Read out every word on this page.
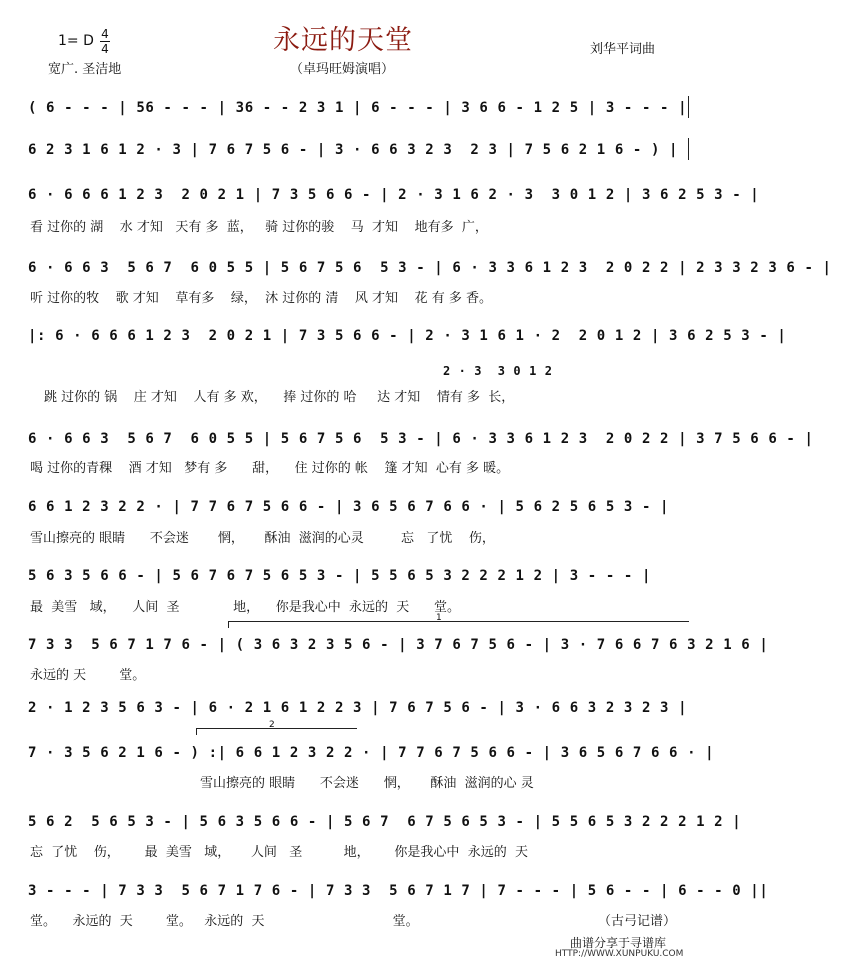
永远的天堂
1= D 4
4
宽广. 圣洁地	（卓玛旺姆演唱）
刘华平词曲
( 6 - - - | 56 - - - | 36 - - 2 3 1 | 6 - - - | 3 6 6 - 1 2 5 | 3 - - - |
6 2 3 1 6 1 2 · 3 | 7 6 7 5 6 - | 3 · 6 6 3 2 3  2 3 | 7 5 6 2 1 6 - ) |
6 · 6 6 6 1 2 3  2 0 2 1 | 7 3 5 6 6 - | 2 · 3 1 6 2 · 3  3 0 1 2 | 3 6 2 5 3 - |
看 过你的 湖    水 才知   天有 多  蓝，   骑 过你的骏    马  才知    地有多  广，
6 · 6 6 3  5 6 7  6 0 5 5 | 5 6 7 5 6  5 3 - | 6 · 3 3 6 1 2 3  2 0 2 2 | 2 3 3 2 3 6 - |
听 过你的牧    歌 才知    草有多    绿，  沐 过你的 清    风 才知    花 有 多 香。
|: 6 · 6 6 6 1 2 3  2 0 2 1 | 7 3 5 6 6 - | 2 · 3 1 6 1 · 2  2 0 1 2 | 3 6 2 5 3 - |
2 · 3  3 0 1 2
跳 过你的 锅    庄 才知    人有 多 欢，    捧 过你的 哈     达 才知    情有 多  长，
6 · 6 6 3  5 6 7  6 0 5 5 | 5 6 7 5 6  5 3 - | 6 · 3 3 6 1 2 3  2 0 2 2 | 3 7 5 6 6 - |
喝 过你的青稞    酒 才知   梦有 多      甜，    住 过你的 帐    篷 才知  心有 多 暖。
6 6 1 2 3 2 2 · | 7 7 6 7 5 6 6 - | 3 6 5 6 7 6 6 · | 5 6 2 5 6 5 3 - |
雪山擦亮的 眼睛      不会迷       惘，     酥油  滋润的心灵         忘   了忧    伤，
5 6 3 5 6 6 - | 5 6 7 6 7 5 6 5 3 - | 5 5 6 5 3 2 2 2 1 2 | 3 - - - |
最  美雪   域，    人间  圣             地，    你是我心中  永远的  天      堂。
1
7 3 3  5 6 7 1 7 6 - | ( 3 6 3 2 3 5 6 - | 3 7 6 7 5 6 - | 3 · 7 6 6 7 6 3 2 1 6 |
永远的 天        堂。
2 · 1 2 3 5 6 3 - | 6 · 2 1 6 1 2 2 3 | 7 6 7 5 6 - | 3 · 6 6 3 2 3 2 3 |
2
7 · 3 5 6 2 1 6 - ) :| 6 6 1 2 3 2 2 · | 7 7 6 7 5 6 6 - | 3 6 5 6 7 6 6 · |
雪山擦亮的 眼睛      不会迷      惘，     酥油  滋润的心 灵
5 6 2  5 6 5 3 - | 5 6 3 5 6 6 - | 5 6 7  6 7 5 6 5 3 - | 5 5 6 5 3 2 2 2 1 2 |
忘  了忧    伤，      最  美雪   域，     人间   圣          地，      你是我心中  永远的  天
3 - - - | 7 3 3  5 6 7 1 7 6 - | 7 3 3  5 6 7 1 7 | 7 - - - | 5 6 - - | 6 - - 0 ||
堂。    永远的  天        堂。   永远的  天                               堂。	（古弓记谱）
曲谱分享于寻谱库
HTTP://WWW.XUNPUKU.COM
